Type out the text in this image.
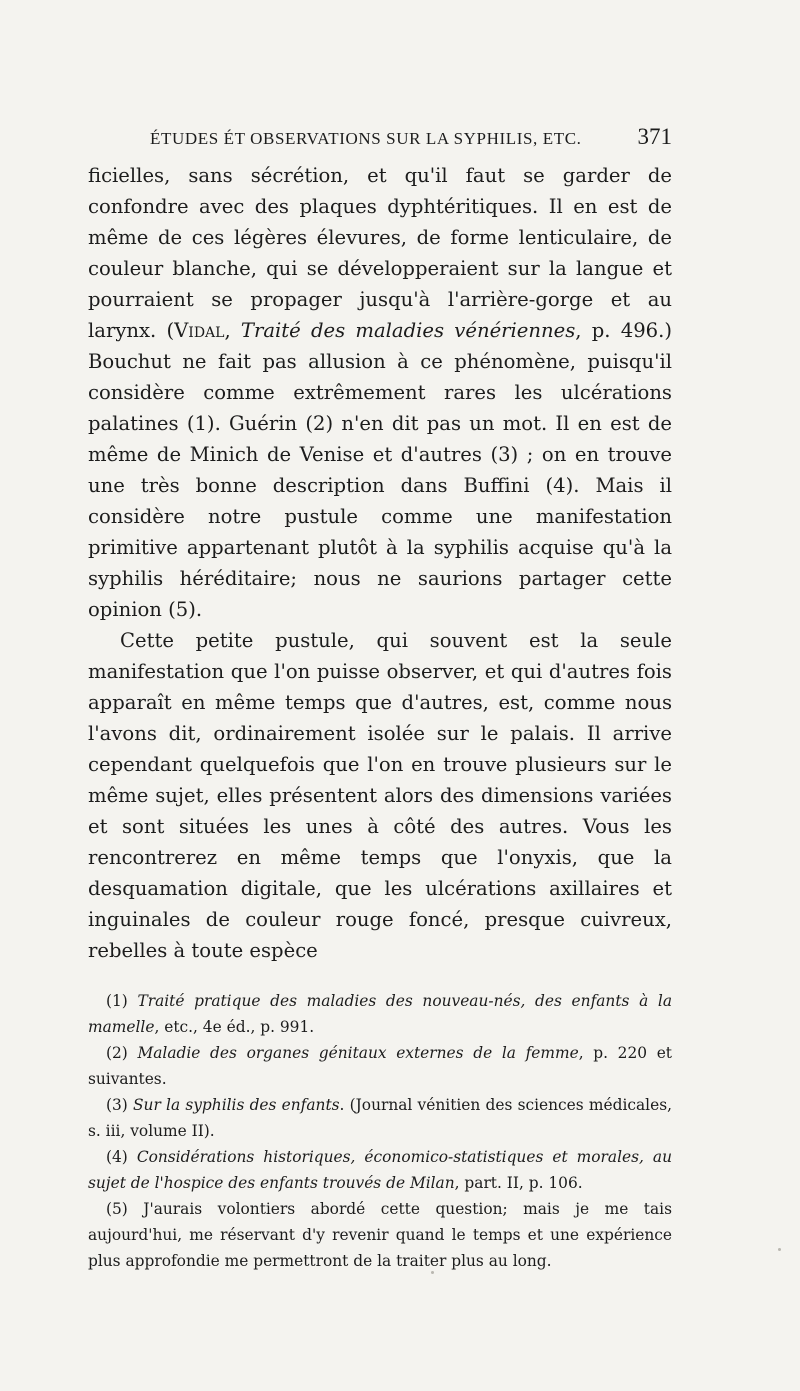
ÉTUDES ÉT OBSERVATIONS SUR LA SYPHILIS, ETC. 371

ficielles, sans sécrétion, et qu'il faut se garder de confondre avec des plaques dyphtéritiques. Il en est de même de ces légères élevures, de forme lenticulaire, de couleur blanche, qui se développeraient sur la langue et pourraient se propager jusqu'à l'arrière-gorge et au larynx. (Vidal, Traité des maladies vénériennes, p. 496.) Bouchut ne fait pas allusion à ce phénomène, puisqu'il considère comme extrêmement rares les ulcérations palatines (1). Guérin (2) n'en dit pas un mot. Il en est de même de Minich de Venise et d'autres (3) ; on en trouve une très bonne description dans Buffini (4). Mais il considère notre pustule comme une manifestation primitive appartenant plutôt à la syphilis acquise qu'à la syphilis héréditaire; nous ne saurions partager cette opinion (5).

Cette petite pustule, qui souvent est la seule manifestation que l'on puisse observer, et qui d'autres fois apparaît en même temps que d'autres, est, comme nous l'avons dit, ordinairement isolée sur le palais. Il arrive cependant quelquefois que l'on en trouve plusieurs sur le même sujet, elles présentent alors des dimensions variées et sont situées les unes à côté des autres. Vous les rencontrerez en même temps que l'onyxis, que la desquamation digitale, que les ulcérations axillaires et inguinales de couleur rouge foncé, presque cuivreux, rebelles à toute espèce

(1) Traité pratique des maladies des nouveau-nés, des enfants à la mamelle, etc., 4e éd., p. 991.

(2) Maladie des organes génitaux externes de la femme, p. 220 et suivantes.

(3) Sur la syphilis des enfants. (Journal vénitien des sciences médicales, s. iii, volume II).

(4) Considérations historiques, économico-statistiques et morales, au sujet de l'hospice des enfants trouvés de Milan, part. II, p. 106.

(5) J'aurais volontiers abordé cette question; mais je me tais aujourd'hui, me réservant d'y revenir quand le temps et une expérience plus approfondie me permettront de la traiter plus au long.
